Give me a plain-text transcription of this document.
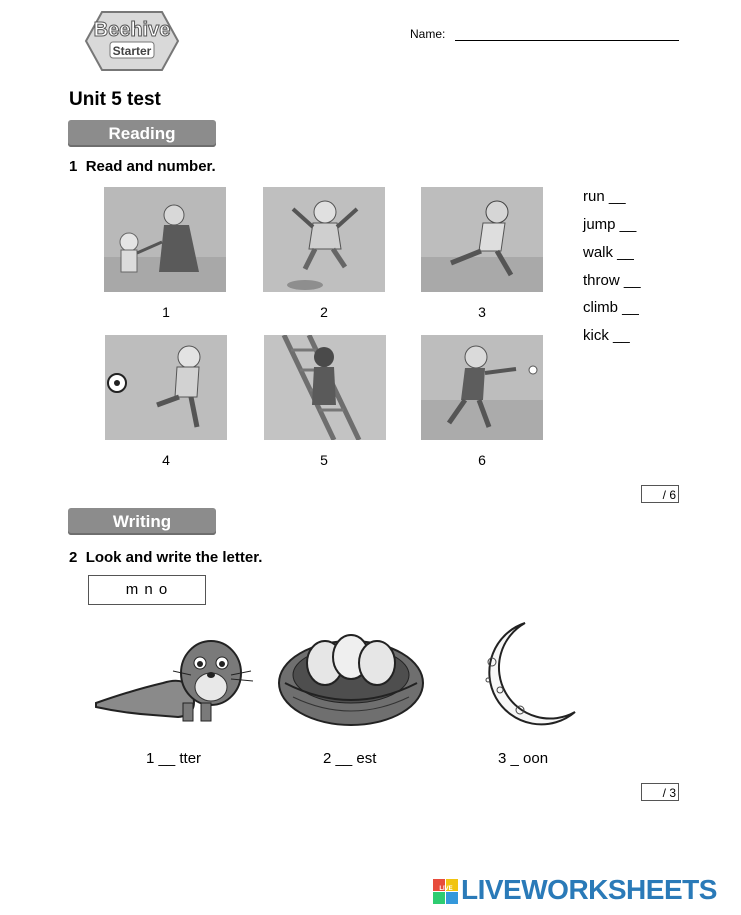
Beehive
Starter
Name:
Unit 5 test
Reading
1 Read and number.
1	2	3
4	5	6
run __
jump __
walk __
throw __
climb __
kick __
/ 6
Writing
2 Look and write the letter.
m n o
1 __ tter	2 __ est	3 _ oon
/ 3
LIVE LIVEWORKSHEETS
